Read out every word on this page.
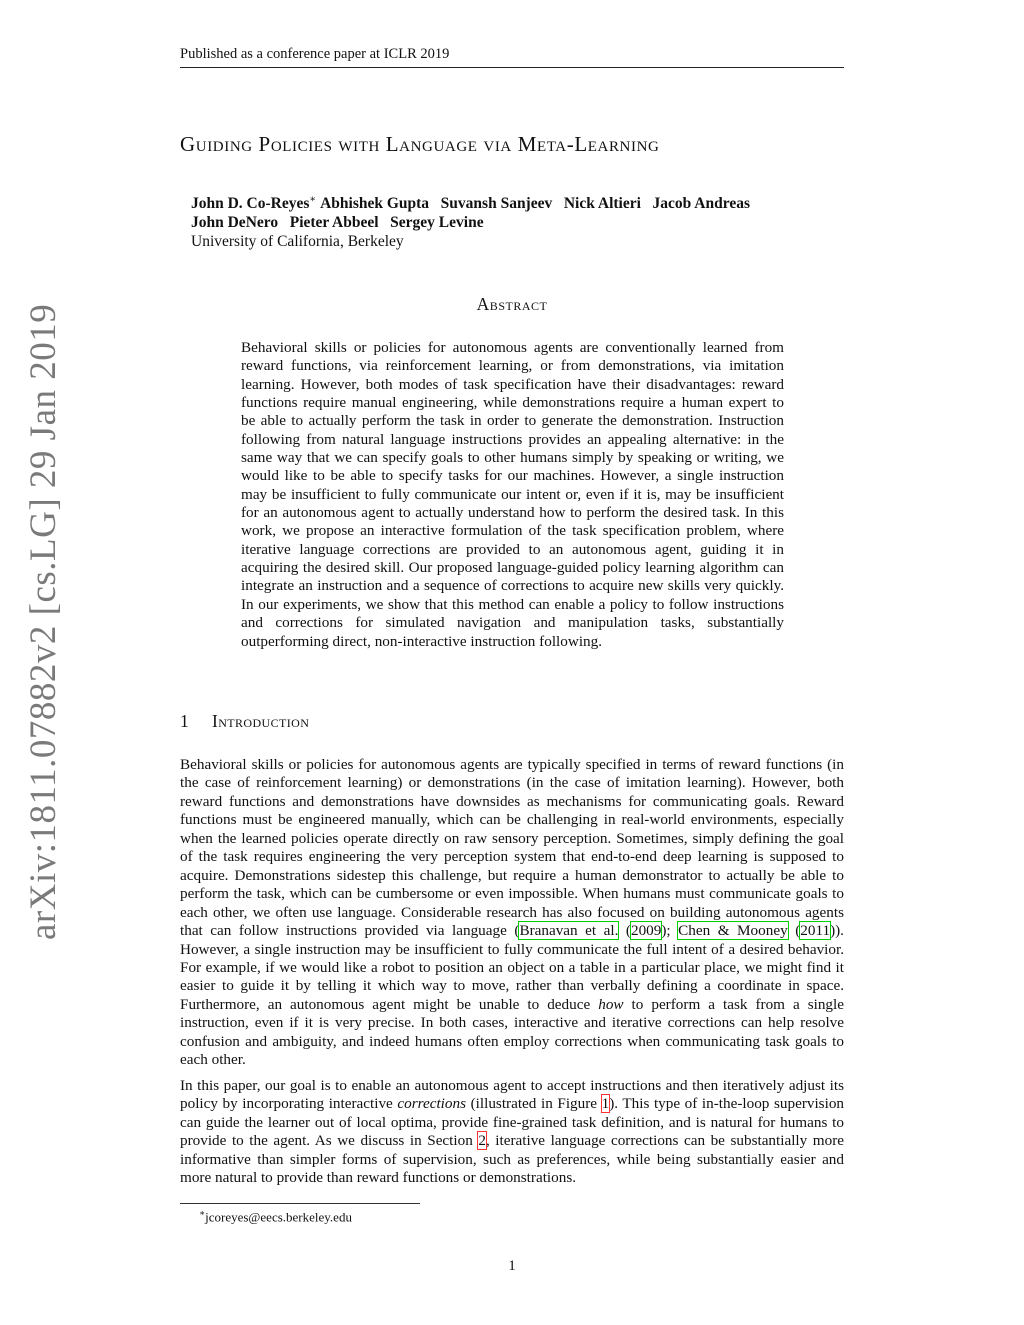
Published as a conference paper at ICLR 2019
arXiv:1811.07882v2 [cs.LG] 29 Jan 2019
Guiding Policies with Language via Meta-Learning
John D. Co-Reyes∗ Abhishek Gupta   Suvansh Sanjeev   Nick Altieri   Jacob Andreas
John DeNero   Pieter Abbeel   Sergey Levine
University of California, Berkeley
Abstract

Behavioral skills or policies for autonomous agents are conventionally learned from reward functions, via reinforcement learning, or from demonstrations, via imitation learning. However, both modes of task specification have their disadvantages: reward functions require manual engineering, while demonstrations require a human expert to be able to actually perform the task in order to generate the demonstration. Instruction following from natural language instructions provides an appealing alternative: in the same way that we can specify goals to other humans simply by speaking or writing, we would like to be able to specify tasks for our machines. However, a single instruction may be insufficient to fully communicate our intent or, even if it is, may be insufficient for an autonomous agent to actually understand how to perform the desired task. In this work, we propose an interactive formulation of the task specification problem, where iterative language corrections are provided to an autonomous agent, guiding it in acquiring the desired skill. Our proposed language-guided policy learning algorithm can integrate an instruction and a sequence of corrections to acquire new skills very quickly. In our experiments, we show that this method can enable a policy to follow instructions and corrections for simulated navigation and manipulation tasks, substantially outperforming direct, non-interactive instruction following.

1 Introduction

Behavioral skills or policies for autonomous agents are typically specified in terms of reward functions (in the case of reinforcement learning) or demonstrations (in the case of imitation learning). However, both reward functions and demonstrations have downsides as mechanisms for communicating goals. Reward functions must be engineered manually, which can be challenging in real-world environments, especially when the learned policies operate directly on raw sensory perception. Sometimes, simply defining the goal of the task requires engineering the very perception system that end-to-end deep learning is supposed to acquire. Demonstrations sidestep this challenge, but require a human demonstrator to actually be able to perform the task, which can be cumbersome or even impossible. When humans must communicate goals to each other, we often use language. Considerable research has also focused on building autonomous agents that can follow instructions provided via language (Branavan et al. (2009); Chen & Mooney (2011)). However, a single instruction may be insufficient to fully communicate the full intent of a desired behavior. For example, if we would like a robot to position an object on a table in a particular place, we might find it easier to guide it by telling it which way to move, rather than verbally defining a coordinate in space. Furthermore, an autonomous agent might be unable to deduce how to perform a task from a single instruction, even if it is very precise. In both cases, interactive and iterative corrections can help resolve confusion and ambiguity, and indeed humans often employ corrections when communicating task goals to each other.

In this paper, our goal is to enable an autonomous agent to accept instructions and then iteratively adjust its policy by incorporating interactive corrections (illustrated in Figure 1). This type of in-the-loop supervision can guide the learner out of local optima, provide fine-grained task definition, and is natural for humans to provide to the agent. As we discuss in Section 2, iterative language corrections can be substantially more informative than simpler forms of supervision, such as preferences, while being substantially easier and more natural to provide than reward functions or demonstrations.

∗jcoreyes@eecs.berkeley.edu
1
